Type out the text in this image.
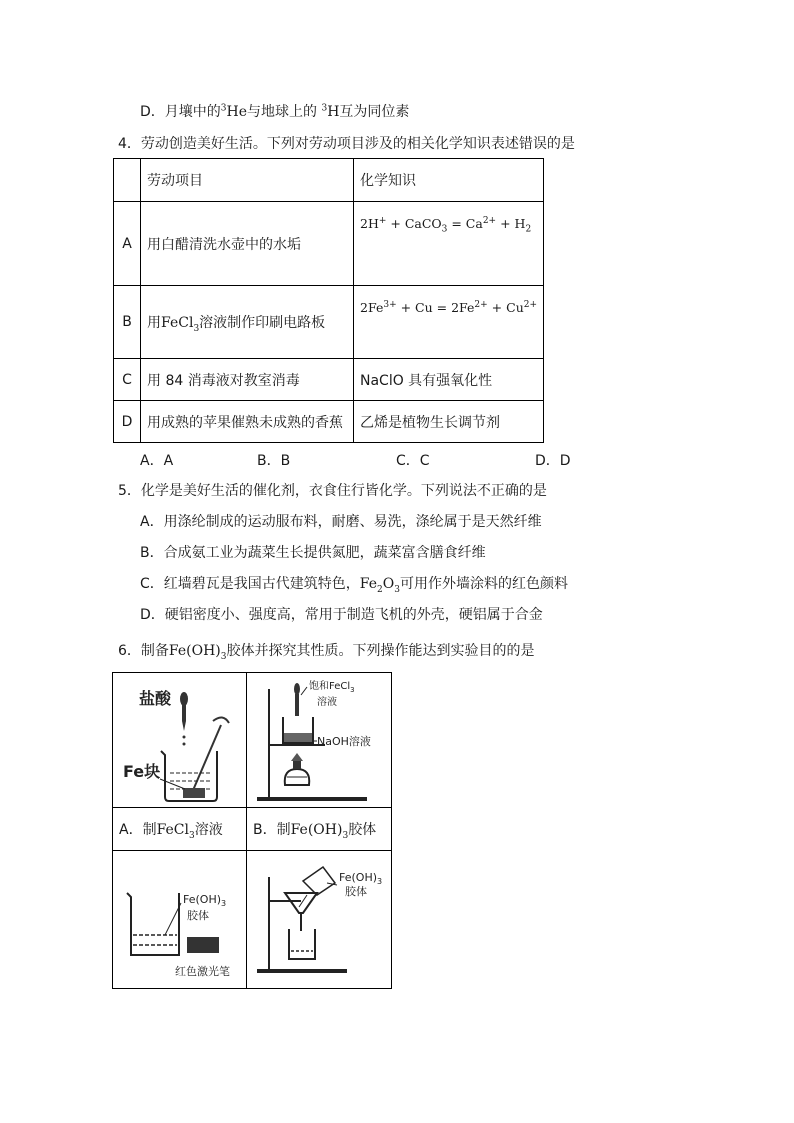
D．月壤中的$^3$He与地球上的 $^3$H互为同位素
4．劳动创造美好生活。下列对劳动项目涉及的相关化学知识表述错误的是
	劳动项目	化学知识
A	用白醋清洗水壶中的水垢	2H+ + CaCO$_3$ = $Ca^{2+} + H_2$
B	用FeCl$_3$溶液制作印刷电路板	$2Fe^{3+} + Cu = 2Fe^{2+} + Cu^{2+}$
C	用 84 消毒液对教室消毒	NaClO 具有强氧化性
D	用成熟的苹果催熟未成熟的香蕉	乙烯是植物生长调节剂
A．A	B．B	C．C	D．D
5．化学是美好生活的催化剂，衣食住行皆化学。下列说法不正确的是
A．用涤纶制成的运动服布料，耐磨、易洗，涤纶属于是天然纤维
B．合成氨工业为蔬菜生长提供氮肥，蔬菜富含膳食纤维
C．红墙碧瓦是我国古代建筑特色，$Fe_2O_3$可用作外墙涂料的红色颜料
D．硬铝密度小、强度高，常用于制造飞机的外壳，硬铝属于合金
6．制备$Fe(OH)_3$胶体并探究其性质。下列操作能达到实验目的的是
盐酸
Fe块	饱和FeCl$_3$
溶液
NaOH溶液

A．制FeCl$_3$溶液	B．制$Fe(OH)_3$胶体

$Fe(OH)_3$
胶体
红色激光笔	$Fe(OH)_3$
胶体
